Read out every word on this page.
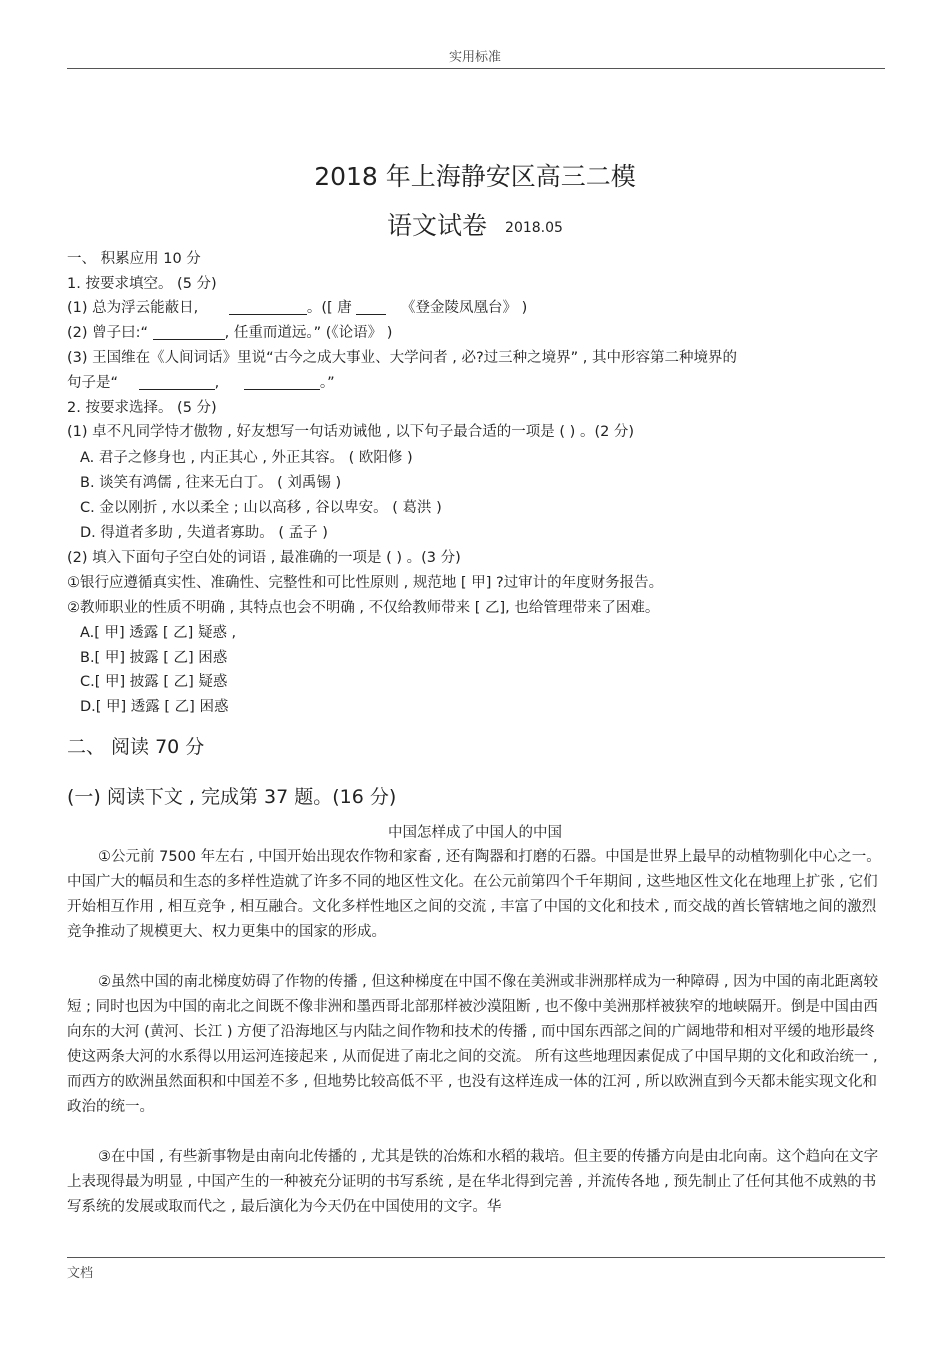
实用标准
2018 年上海静安区高三二模
语文试卷 2018.05
一、 积累应用 10 分
1. 按要求填空。 (5 分)
(1) 总为浮云能蔽日,	。([ 唐	《登金陵凤凰台》 )
(2) 曾子曰:“	, 任重而道远。” (《论语》 )
(3) 王国维在《人间词话》里说“古今之成大事业、大学问者 , 必?过三种之境界” , 其中形容第二种境界的
句子是“	,	。”
2. 按要求选择。 (5 分)
(1) 卓不凡同学恃才傲物 , 好友想写一句话劝诫他 , 以下句子最合适的一项是 ( ) 。(2 分)
A. 君子之修身也 , 内正其心 , 外正其容。 ( 欧阳修 )
B. 谈笑有鸿儒 , 往来无白丁。 ( 刘禹锡 )
C. 金以刚折 , 水以柔全 ; 山以高移 , 谷以卑安。 ( 葛洪 )
D. 得道者多助 , 失道者寡助。 ( 孟子 )
(2) 填入下面句子空白处的词语 , 最准确的一项是 ( ) 。(3 分)
①银行应遵循真实性、准确性、完整性和可比性原则 , 规范地 [ 甲] ?过审计的年度财务报告。
②教师职业的性质不明确 , 其特点也会不明确 , 不仅给教师带来 [ 乙], 也给管理带来了困难。
A.[ 甲] 透露 [ 乙] 疑惑 ,
B.[ 甲] 披露 [ 乙] 困惑
C.[ 甲] 披露 [ 乙] 疑惑
D.[ 甲] 透露 [ 乙] 困惑
二、 阅读 70 分
(一) 阅读下文 , 完成第 37 题。(16 分)
中国怎样成了中国人的中国
①公元前 7500 年左右 , 中国开始出现农作物和家畜 , 还有陶器和打磨的石器。中国是世界上最早的动植物驯化中心之一。中国广大的幅员和生态的多样性造就了许多不同的地区性文化。在公元前第四个千年期间 , 这些地区性文化在地理上扩张 , 它们开始相互作用 , 相互竞争 , 相互融合。文化多样性地区之间的交流 , 丰富了中国的文化和技术 , 而交战的酋长管辖地之间的激烈竞争推动了规模更大、权力更集中的国家的形成。
②虽然中国的南北梯度妨碍了作物的传播 , 但这种梯度在中国不像在美洲或非洲那样成为一种障碍 , 因为中国的南北距离较短 ; 同时也因为中国的南北之间既不像非洲和墨西哥北部那样被沙漠阻断 , 也不像中美洲那样被狭窄的地峡隔开。倒是中国由西向东的大河 (黄河、长江 ) 方便了沿海地区与内陆之间作物和技术的传播 , 而中国东西部之间的广阔地带和相对平缓的地形最终使这两条大河的水系得以用运河连接起来 , 从而促进了南北之间的交流。 所有这些地理因素促成了中国早期的文化和政治统一 , 而西方的欧洲虽然面积和中国差不多 , 但地势比较高低不平 , 也没有这样连成一体的江河 , 所以欧洲直到今天都未能实现文化和政治的统一。
③在中国 , 有些新事物是由南向北传播的 , 尤其是铁的冶炼和水稻的栽培。但主要的传播方向是由北向南。这个趋向在文字上表现得最为明显 , 中国产生的一种被充分证明的书写系统 , 是在华北得到完善 , 并流传各地 , 预先制止了任何其他不成熟的书写系统的发展或取而代之 , 最后演化为今天仍在中国使用的文字。华
文档
